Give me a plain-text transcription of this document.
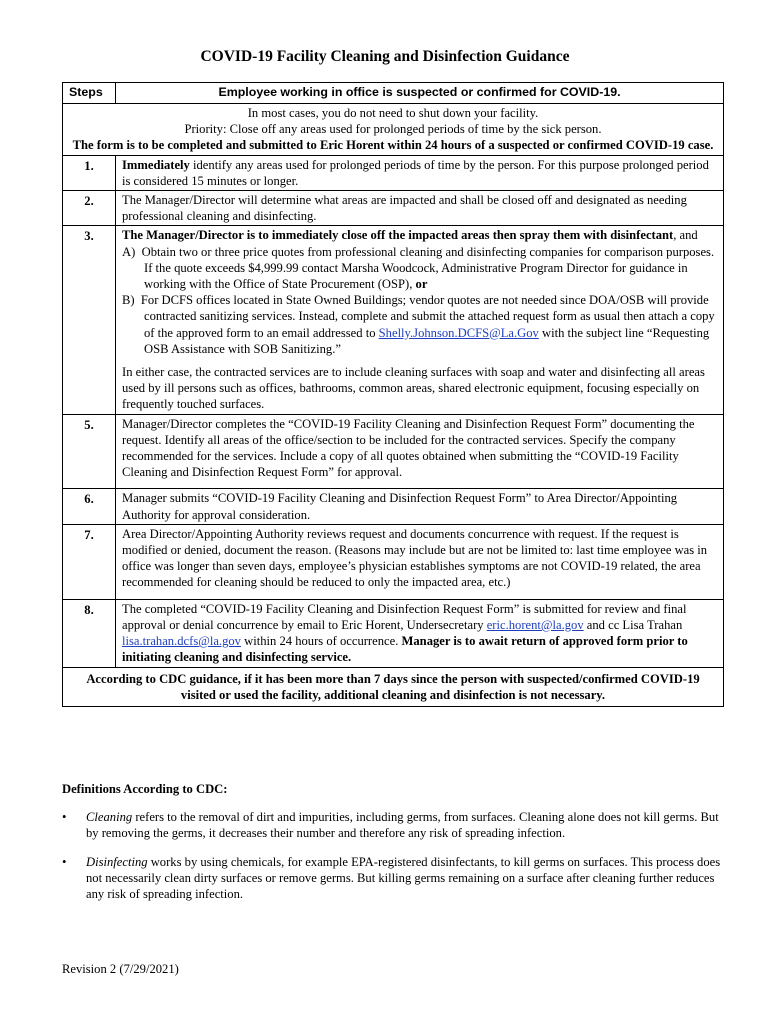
COVID-19 Facility Cleaning and Disinfection Guidance
Steps	Employee working in office is suspected or confirmed for COVID-19.

In most cases, you do not need to shut down your facility.
Priority: Close off any areas used for prolonged periods of time by the sick person.
The form is to be completed and submitted to Eric Horent within 24 hours of a suspected or confirmed COVID-19 case.	

1.	Immediately identify any areas used for prolonged periods of time by the person. For this purpose prolonged period is considered 15 minutes or longer.
2.	The Manager/Director will determine what areas are impacted and shall be closed off and designated as needing professional cleaning and disinfecting.
3.	The Manager/Director is to immediately close off the impacted areas then spray them with disinfectant, and

A) Obtain two or three price quotes from professional cleaning and disinfecting companies for comparison purposes. If the quote exceeds $4,999.99 contact Marsha Woodcock, Administrative Program Director for guidance in working with the Office of State Procurement (OSP), or

B) For DCFS offices located in State Owned Buildings; vendor quotes are not needed since DOA/OSB will provide contracted sanitizing services. Instead, complete and submit the attached request form as usual then attach a copy of the approved form to an email addressed to Shelly.Johnson.DCFS@La.Gov with the subject line “Requesting OSB Assistance with SOB Sanitizing.”

In either case, the contracted services are to include cleaning surfaces with soap and water and disinfecting all areas used by ill persons such as offices, bathrooms, common areas, shared electronic equipment, focusing especially on frequently touched surfaces.

5.	Manager/Director completes the “COVID-19 Facility Cleaning and Disinfection Request Form” documenting the request. Identify all areas of the office/section to be included for the contracted services. Specify the company recommended for the services. Include a copy of all quotes obtained when submitting the “COVID-19 Facility Cleaning and Disinfection Request Form” for approval.

6.	Manager submits “COVID-19 Facility Cleaning and Disinfection Request Form” to Area Director/Appointing Authority for approval consideration.
7.	Area Director/Appointing Authority reviews request and documents concurrence with request. If the request is modified or denied, document the reason. (Reasons may include but are not be limited to: last time employee was in office was longer than seven days, employee’s physician establishes symptoms are not COVID-19 related, the area recommended for cleaning should be reduced to only the impacted area, etc.)

8.	The completed “COVID-19 Facility Cleaning and Disinfection Request Form” is submitted for review and final approval or denial concurrence by email to Eric Horent, Undersecretary eric.horent@la.gov and cc Lisa Trahan lisa.trahan.dcfs@la.gov within 24 hours of occurrence. Manager is to await return of approved form prior to initiating cleaning and disinfecting service.
According to CDC guidance, if it has been more than 7 days since the person with suspected/confirmed COVID-19 visited or used the facility, additional cleaning and disinfection is not necessary.	

Definitions According to CDC:

• Cleaning refers to the removal of dirt and impurities, including germs, from surfaces. Cleaning alone does not kill germs. But by removing the germs, it decreases their number and therefore any risk of spreading infection.
• Disinfecting works by using chemicals, for example EPA-registered disinfectants, to kill germs on surfaces. This process does not necessarily clean dirty surfaces or remove germs. But killing germs remaining on a surface after cleaning further reduces any risk of spreading infection.
Revision 2 (7/29/2021)
